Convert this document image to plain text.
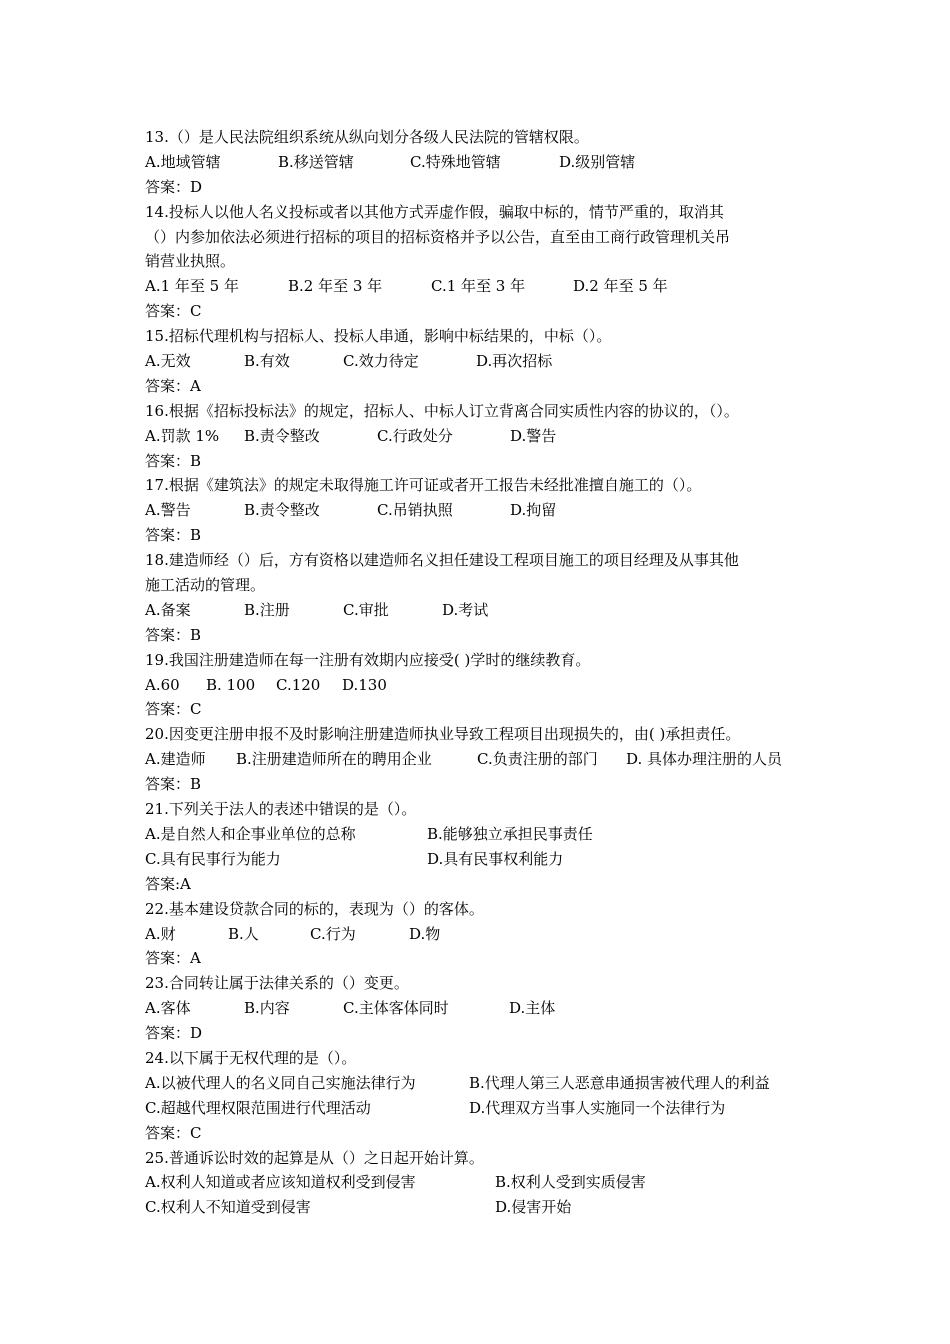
13.（）是人民法院组织系统从纵向划分各级人民法院的管辖权限。
A.地域管辖	B.移送管辖	C.特殊地管辖	D.级别管辖
答案：D
14.投标人以他人名义投标或者以其他方式弄虚作假，骗取中标的，情节严重的，取消其
（）内参加依法必须进行招标的项目的招标资格并予以公告，直至由工商行政管理机关吊
销营业执照。
A.1 年至 5 年	B.2 年至 3 年	C.1 年至 3 年	D.2 年至 5 年
答案：C
15.招标代理机构与招标人、投标人串通，影响中标结果的，中标（）。
A.无效	B.有效	C.效力待定	D.再次招标
答案：A
16.根据《招标投标法》的规定，招标人、中标人订立背离合同实质性内容的协议的，（）。
A.罚款 1% B.责令整改	C.行政处分	D.警告
答案：B
17.根据《建筑法》的规定未取得施工许可证或者开工报告未经批准擅自施工的（）。
A.警告	B.责令整改	C.吊销执照	D.拘留
答案：B
18.建造师经（）后，方有资格以建造师名义担任建设工程项目施工的项目经理及从事其他
施工活动的管理。
A.备案	B.注册	C.审批	D.考试
答案：B
19.我国注册建造师在每一注册有效期内应接受( )学时的继续教育。
A.60 B. 100 C.120 D.130
答案：C
20.因变更注册申报不及时影响注册建造师执业导致工程项目出现损失的，由( )承担责任。
A.建造师 B.注册建造师所在的聘用企业	C.负责注册的部门 D. 具体办理注册的人员
答案：B
21.下列关于法人的表述中错误的是（）。
A.是自然人和企事业单位的总称	B.能够独立承担民事责任
C.具有民事行为能力	D.具有民事权利能力
答案:A
22.基本建设贷款合同的标的，表现为（）的客体。
A.财	B.人	C.行为	D.物
答案：A
23.合同转让属于法律关系的（）变更。
A.客体	B.内容	C.主体客体同时	D.主体
答案：D
24.以下属于无权代理的是（）。
A.以被代理人的名义同自己实施法律行为	B.代理人第三人恶意串通损害被代理人的利益
C.超越代理权限范围进行代理活动	D.代理双方当事人实施同一个法律行为
答案：C
25.普通诉讼时效的起算是从（）之日起开始计算。
A.权利人知道或者应该知道权利受到侵害	B.权利人受到实质侵害
C.权利人不知道受到侵害	D.侵害开始
